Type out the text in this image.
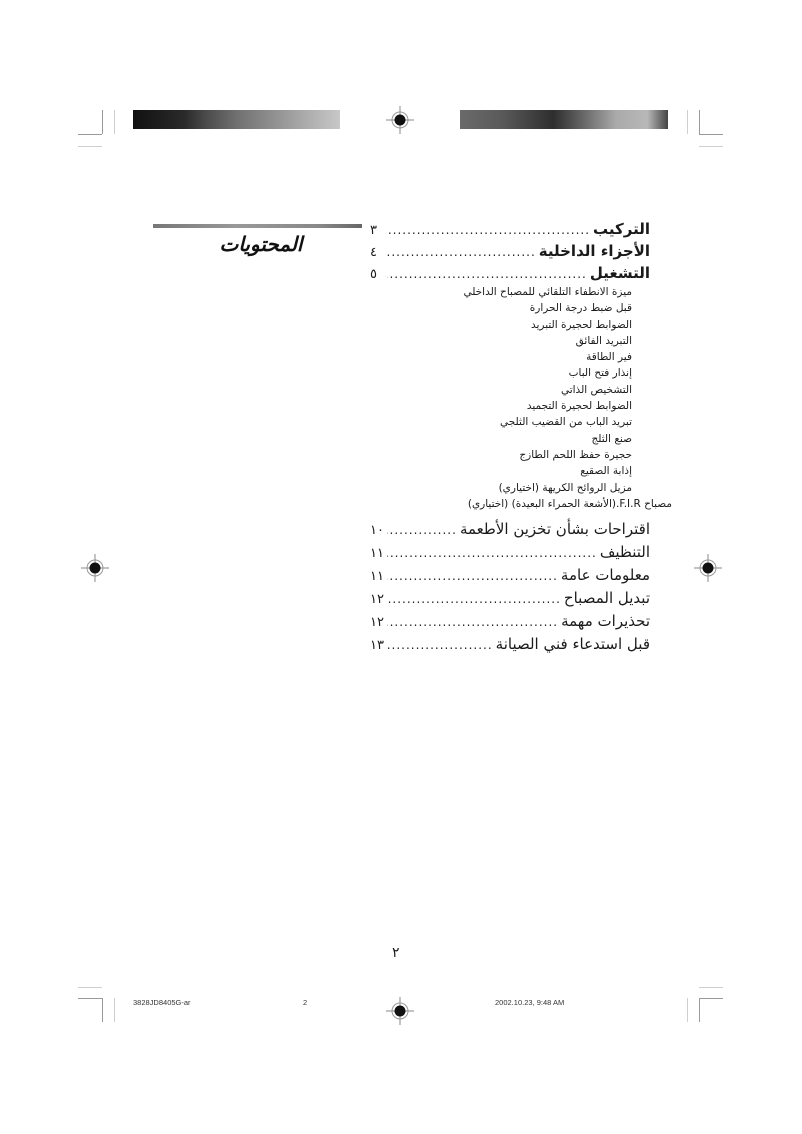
المحتويات
التركيب
.....
٣
الأجزاء الداخلية
.....
٤
التشغيل
.....
٥
ميزة الانطفاء التلقائي للمصباح الداخلي
قبل ضبط درجة الحرارة
الضوابط لحجيرة التبريد
التبريد الفائق
فير الطاقة
إنذار فتح الباب
التشخيص الذاتي
الضوابط لحجيرة التجميد
تبريد الباب من القضيب الثلجي
صنع الثلج
حجيرة حفظ اللحم الطازج
إذابة الصقيع
مزيل الروائح الكريهة (اختياري)
مصباح F.I.R.(الأشعة الحمراء البعيدة) (اختياري)
اقتراحات بشأن تخزين الأطعمة
.....
١٠
التنظيف
.....
١١
معلومات عامة
.....
١١
تبديل المصباح
.....
١٢
تحذيرات مهمة
.....
١٢
قبل استدعاء فني الصيانة
.....
١٣
٢
3828JD8405G-ar	2	2002.10.23, 9:48 AM
